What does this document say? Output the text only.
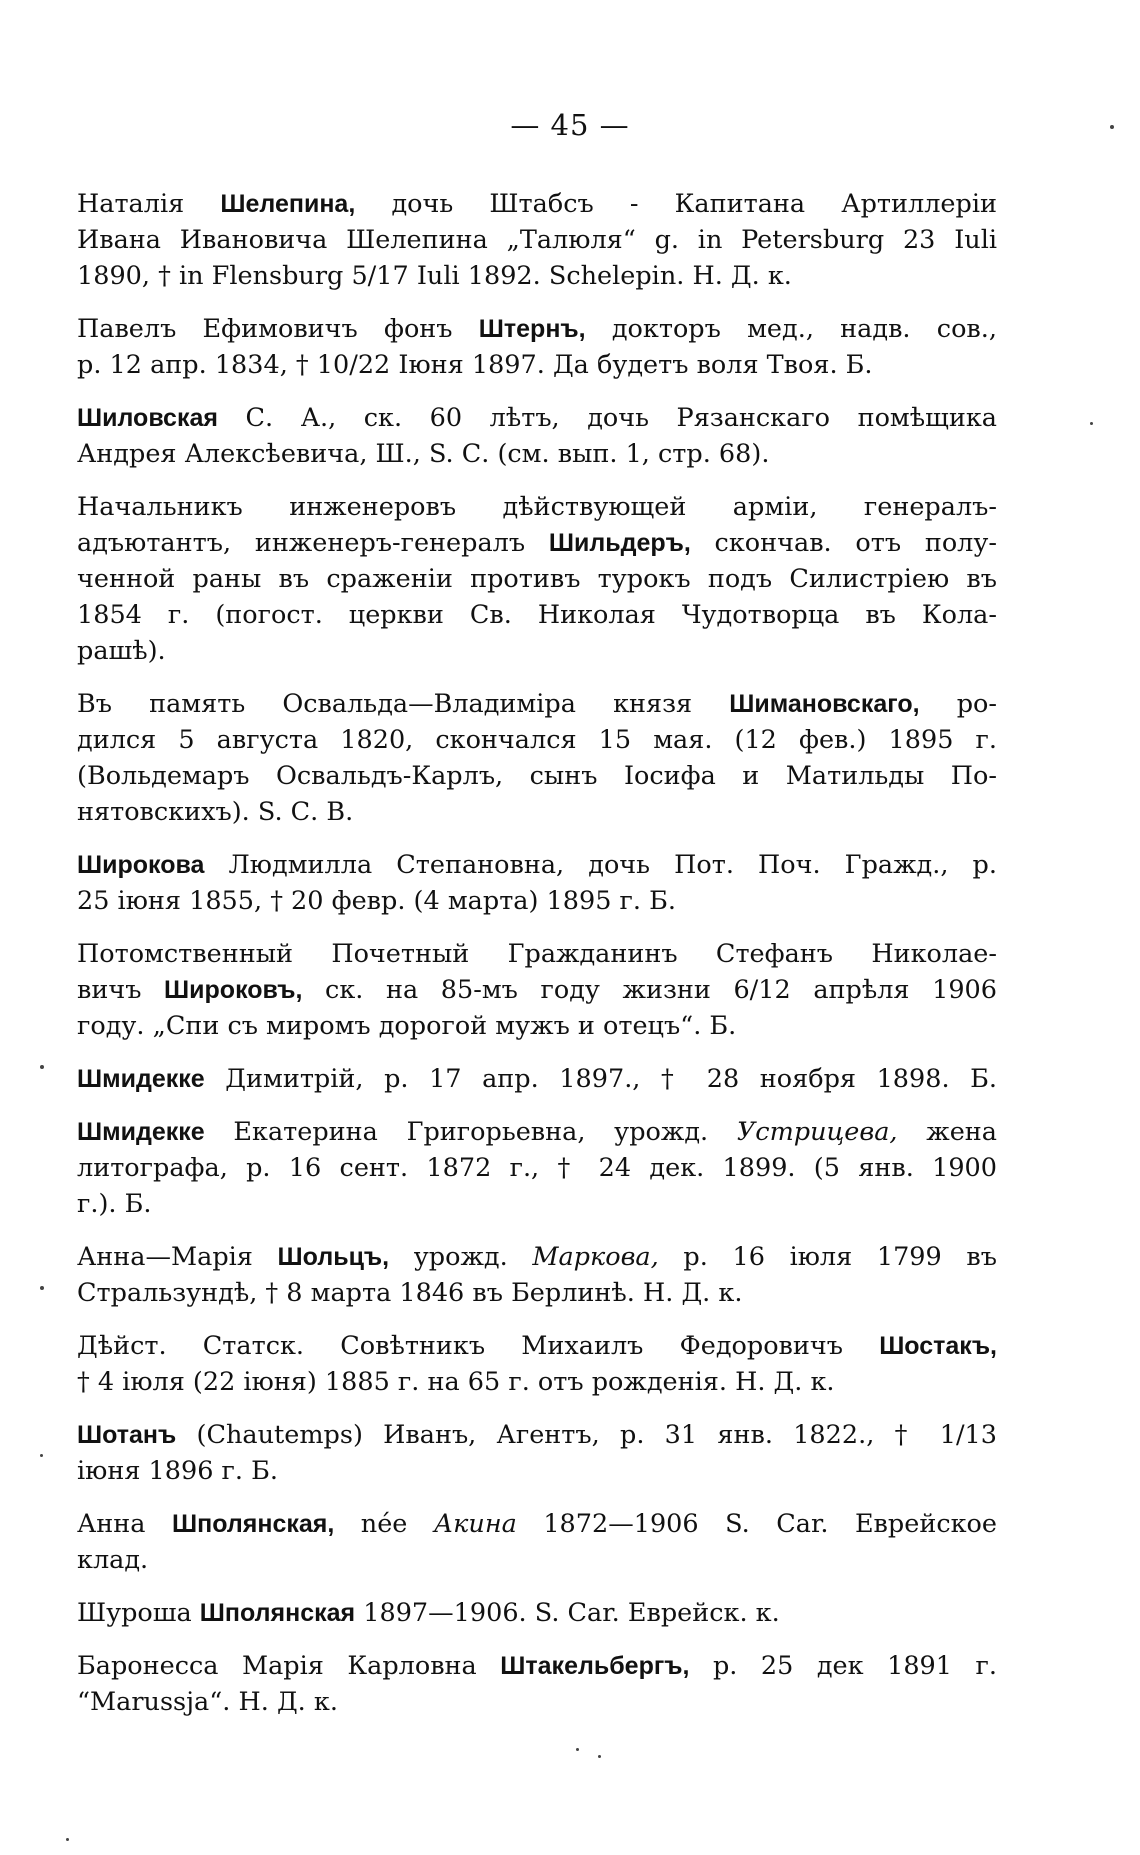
— 45 —
Наталія Шелепина, дочь Штабсъ - Капитана Артиллеріи
Ивана Ивановича Шелепина „Талюля“ g. in Petersburg 23 Iuli
1890, † in Flensburg 5/17 Iuli 1892. Schelepin. Н. Д. к.
Павелъ Ефимовичъ фонъ Штернъ, докторъ мед., надв. сов.,
р. 12 апр. 1834, † 10/22 Іюня 1897. Да будетъ воля Твоя. Б.
Шиловская С. А., ск. 60 лѣтъ, дочь Рязанскаго помѣщика
Андрея Алексѣевича, Ш., S. С. (см. вып. 1, стр. 68).
Начальникъ инженеровъ дѣйствующей арміи, генералъ-
адъютантъ, инженеръ-генералъ Шильдеръ, скончав. отъ полу-
ченной раны въ сраженіи противъ турокъ подъ Силистріею въ
1854 г. (погост. церкви Св. Николая Чудотворца въ Кола-
рашѣ).
Въ память Освальда—Владиміра князя Шимановскаго, ро-
дился 5 августа 1820, скончался 15 мая. (12 фев.) 1895 г.
(Вольдемаръ Освальдъ-Карлъ, сынъ Іосифа и Матильды По-
нятовскихъ). S. С. В.
Широкова Людмилла Степановна, дочь Пот. Поч. Гражд., р.
25 іюня 1855, † 20 февр. (4 марта) 1895 г. Б.
Потомственный Почетный Гражданинъ Стефанъ Николае-
вичъ Широковъ, ск. на 85-мъ году жизни 6/12 апрѣля 1906
году. „Спи съ миромъ дорогой мужъ и отецъ“. Б.
Шмидекке Димитрій, р. 17 апр. 1897., † 28 ноября 1898. Б.
Шмидекке Екатерина Григорьевна, урожд. Устрицева, жена
литографа, р. 16 сент. 1872 г., † 24 дек. 1899. (5 янв. 1900
г.). Б.
Анна—Марія Шольцъ, урожд. Маркова, р. 16 іюля 1799 въ
Стральзундѣ, † 8 марта 1846 въ Берлинѣ. Н. Д. к.
Дѣйст. Статск. Совѣтникъ Михаилъ Федоровичъ Шостакъ,
† 4 іюля (22 іюня) 1885 г. на 65 г. отъ рожденія. Н. Д. к.
Шотанъ (Chautemps) Иванъ, Агентъ, р. 31 янв. 1822., † 1/13
іюня 1896 г. Б.
Анна Шполянская, née Акина 1872—1906 S. Car. Еврейское
клад.
Шуроша Шполянская 1897—1906. S. Car. Еврейск. к.
Баронесса Марія Карловна Штакельбергъ, р. 25 дек 1891 г.
“Marussja“. Н. Д. к.
